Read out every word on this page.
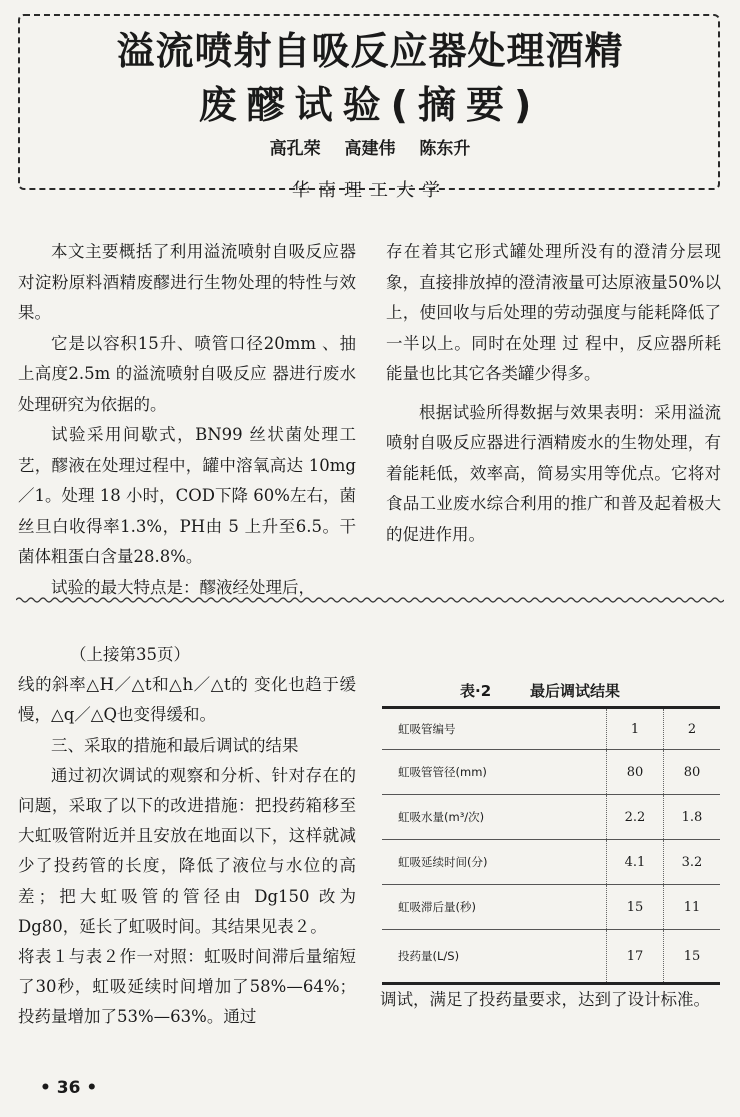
溢流喷射自吸反应器处理酒精
废醪试验(摘要)
高孔荣 高建伟 陈东升
华南理工大学

本文主要概括了利用溢流喷射自吸反应器对淀粉原料酒精废醪进行生物处理的特性与效果。

它是以容积15升、喷管口径20mm 、抽上高度2.5m 的溢流喷射自吸反应 器进行废水处理研究为依据的。

试验采用间歇式，BN99 丝状菌处理工艺，醪液在处理过程中，罐中溶氧高达 10mg／1。处理 18 小时，COD下降 60%左右，菌丝旦白收得率1.3%，PH由 5 上升至6.5。干菌体粗蛋白含量28.8%。

试验的最大特点是：醪液经处理后，

存在着其它形式罐处理所没有的澄清分层现象，直接排放掉的澄清液量可达原液量50%以上，使回收与后处理的劳动强度与能耗降低了一半以上。同时在处理 过 程中，反应器所耗能量也比其它各类罐少得多。

根据试验所得数据与效果表明：采用溢流喷射自吸反应器进行酒精废水的生物处理，有着能耗低，效率高，简易实用等优点。它将对食品工业废水综合利用的推广和普及起着极大的促进作用。

（上接第35页）

线的斜率△H／△t和△h／△t的 变化也趋于缓慢，△q／△Q也变得缓和。

三、采取的措施和最后调试的结果

通过初次调试的观察和分析、针对存在的问题，采取了以下的改进措施：把投药箱移至大虹吸管附近并且安放在地面以下，这样就减少了投药管的长度，降低了液位与水位的高差；把大虹吸管的管径由 Dg150 改为 Dg80，延长了虹吸时间。其结果见表２。

将表１与表２作一对照：虹吸时间滞后量缩短了30秒，虹吸延续时间增加了58%—64%；投药量增加了53%—63%。通过

表·2	最后调试结果
虹吸管编号	1	2
虹吸管管径(mm)	80	80
虹吸水量(m³/次)	2.2	1.8
虹吸延续时间(分)	4.1	3.2
虹吸滞后量(秒)	15	11
投药量(L/S)	17	15

调试，满足了投药量要求，达到了设计标准。

• 36 •
